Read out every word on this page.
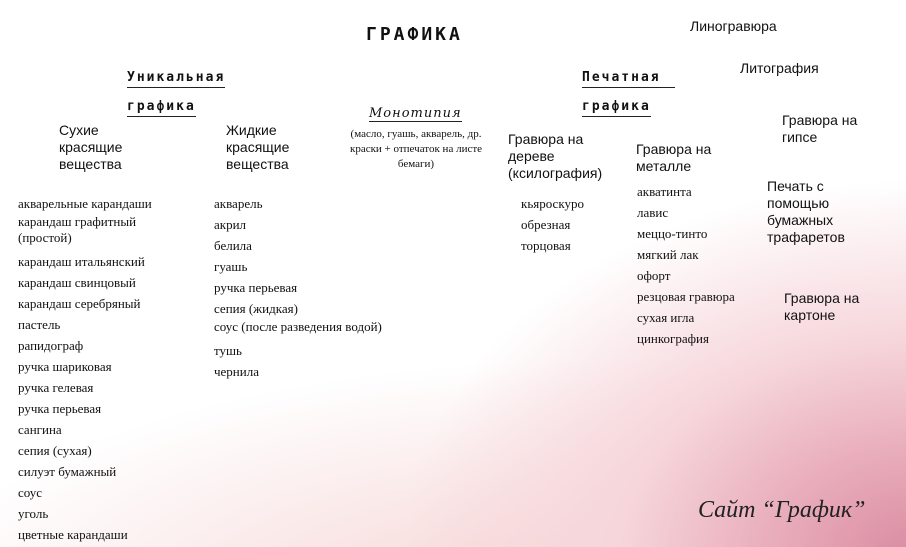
ГРАФИКА
Уникальная
графика
Сухие красящие вещества
акварельные карандаши
карандаш графитный (простой)
карандаш итальянский
карандаш свинцовый
карандаш серебряный
пастель
рапидограф
ручка шариковая
ручка гелевая
ручка перьевая
сангина
сепия (сухая)
силуэт бумажный
соус
уголь
цветные карандаши
Жидкие красящие вещества
акварель
акрил
белила
гуашь
ручка перьевая
сепия (жидкая)
соус (после разведения водой)
тушь
чернила
Монотипия
(масло, гуашь, акварель, др. краски + отпечаток на листе бемаги)
Печатная
графика
Гравюра на дереве (ксилография)
кьяроскуро
обрезная
торцовая
Гравюра на металле
акватинта
лавис
меццо-тинто
мягкий лак
офорт
резцовая гравюра
сухая игла
цинкография
Линогравюра
Литография
Гравюра на гипсе
Печать с помощью бумажных трафаретов
Гравюра на картоне
Сайт “График”
